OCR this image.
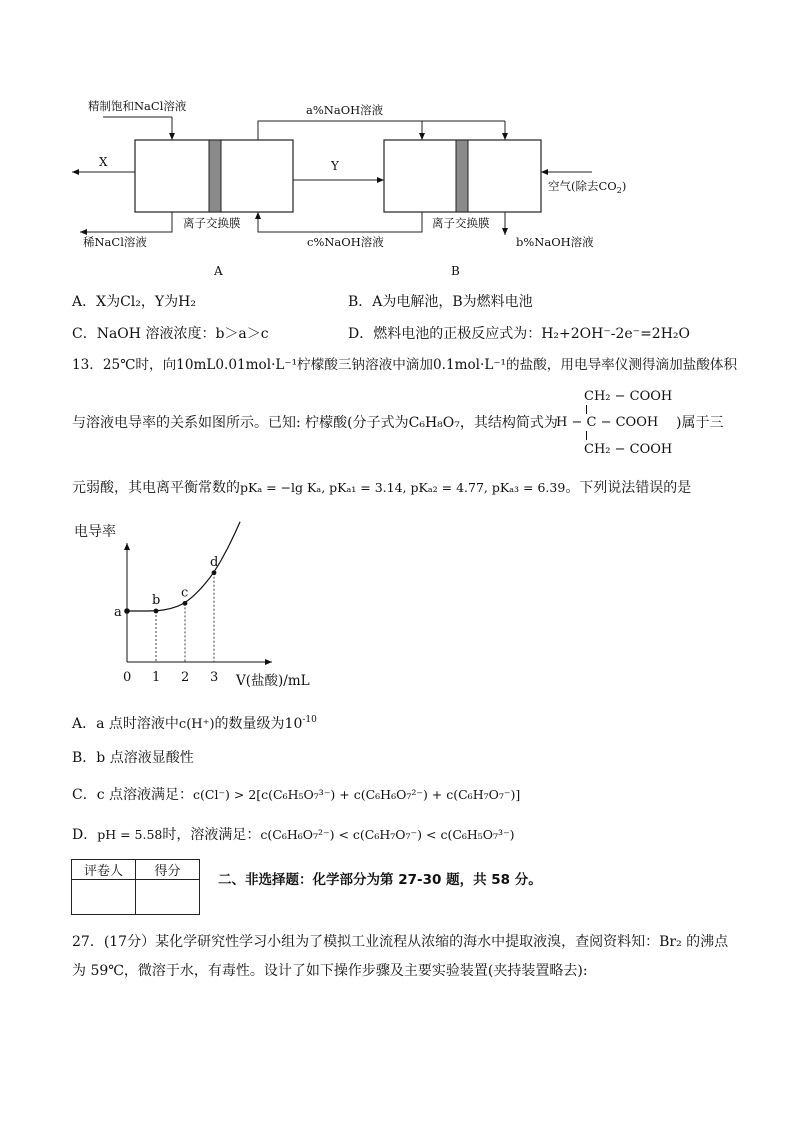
精制饱和NaCl溶液	a%NaOH溶液
X	Y
空气(除去$CO_2$)
离子交换膜	离子交换膜
稀NaCl溶液	c%NaOH溶液	b%NaOH溶液
A	B
A．X为Cl₂，Y为H₂	B．A为电解池，B为燃料电池
C．NaOH 溶液浓度：b＞a＞c	D．燃料电池的正极反应式为：H₂+2OH⁻-2e⁻=2H₂O
13．25℃时，向10mL0.01mol·L⁻¹柠檬酸三钠溶液中滴加0.1mol·L⁻¹的盐酸，用电导率仪测得滴加盐酸体积
与溶液电导率的关系如图所示。已知: 柠檬酸(分子式为C₆H₈O₇，其结构简式为
CH₂ − COOH
H − C − COOH
CH₂ − COOH
)属于三
元弱酸，其电离平衡常数的pKₐ = −lg Kₐ, pKₐ₁ = 3.14, pKₐ₂ = 4.77, pKₐ₃ = 6.39。下列说法错误的是
电导率
V(盐酸)/mL
0 1 2 3
a
b
c
d
A．a 点时溶液中c(H⁺)的数量级为$10^{-10}$
B．b 点溶液显酸性
C．c 点溶液满足：c(Cl⁻) > 2[c(C₆H₅O₇³⁻) + c(C₆H₆O₇²⁻) + c(C₆H₇O₇⁻)]
D．pH = 5.58时，溶液满足：c(C₆H₆O₇²⁻) < c(C₆H₇O₇⁻) < c(C₆H₅O₇³⁻)
评卷人	得分

二、非选择题：化学部分为第 27-30 题，共 58 分。
27．(17分）某化学研究性学习小组为了模拟工业流程从浓缩的海水中提取液溴，查阅资料知：Br₂ 的沸点
为 59℃，微溶于水，有毒性。设计了如下操作步骤及主要实验装置(夹持装置略去):
